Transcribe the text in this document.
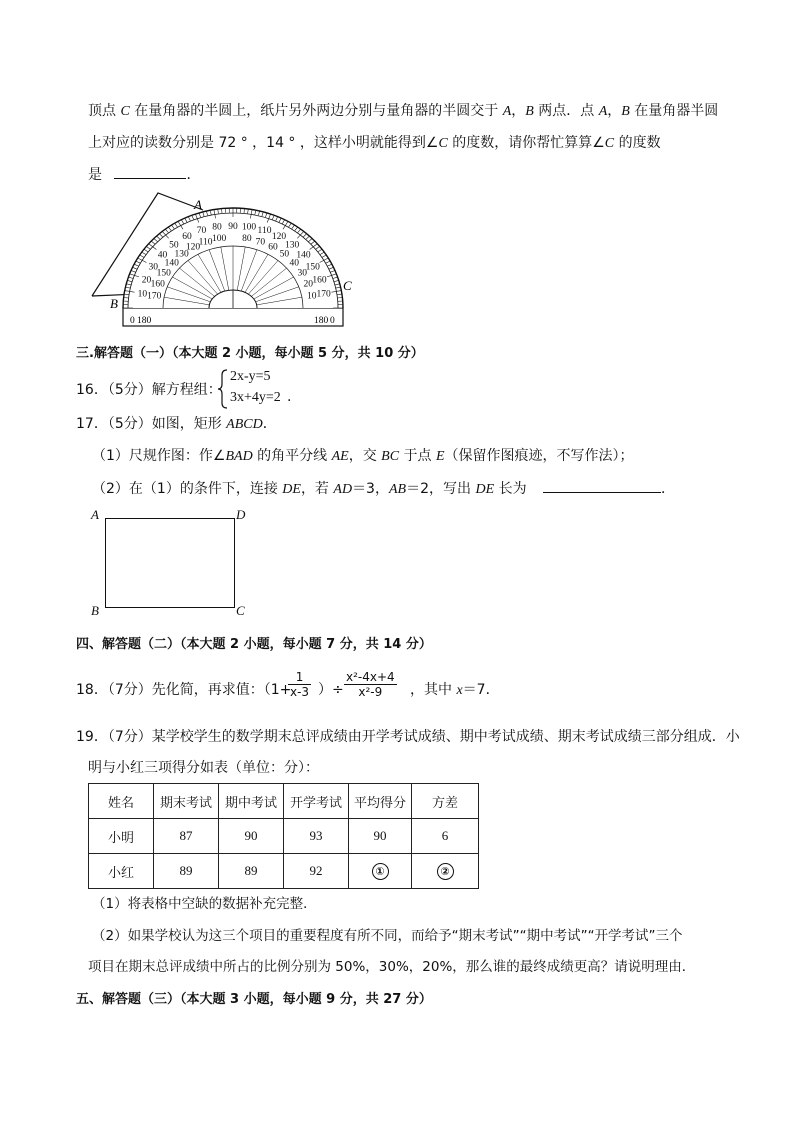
顶点 C 在量角器的半圆上，纸片另外两边分别与量角器的半圆交于 A，B 两点．点 A，B 在量角器半圆
上对应的读数分别是 72 ° ，14 ° ，这样小明就能得到∠C 的度数，请你帮忙算算∠C 的度数
是	．
10 170
20 160
30
150
40
140
50
130
60
120
70
110
80
100
90 100
80
110
70
120
60 130
50 140
40 150
30
160
20
170
10
0 180	180 0
A
B
C
三.解答题（一）（本大题 2 小题，每小题 5 分，共 10 分）
16．（5分）解方程组：
2x-y=5
3x+4y=2 .
17．（5分）如图，矩形 ABCD．
（1）尺规作图：作∠BAD 的角平分线 AE，交 BC 于点 E（保留作图痕迹，不写作法）；
（2）在（1）的条件下，连接 DE，若 AD＝3，AB＝2，写出 DE 长为	．
A	D
B	C
四、解答题（二）（本大题 2 小题，每小题 7 分，共 14 分）
18．（7分）先化简，再求值：（1+
$\frac{1}{x-3}$ ）÷ $\frac{\text{x²-4x+4}}{\text{x²-9}}$ ，其中 x＝7．
19．（7分）某学校学生的数学期末总评成绩由开学考试成绩、期中考试成绩、期末考试成绩三部分组成．小
明与小红三项得分如表（单位：分）：
姓名	期末考试	期中考试	开学考试	平均得分	方差
小明	87	90	93	90	6
小红	89	89	92	①	②
（1）将表格中空缺的数据补充完整．
（2）如果学校认为这三个项目的重要程度有所不同，而给予“期末考试”“期中考试”“开学考试”三个
项目在期末总评成绩中所占的比例分别为 50%，30%，20%，那么谁的最终成绩更高？请说明理由．
五、解答题（三）（本大题 3 小题，每小题 9 分，共 27 分）
